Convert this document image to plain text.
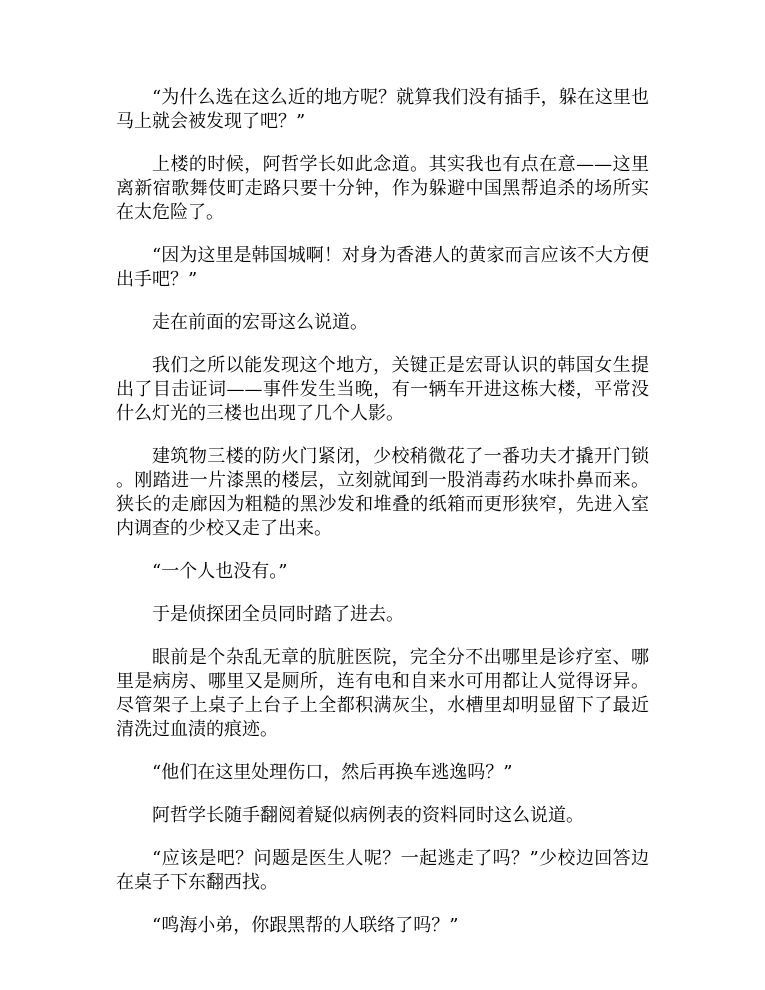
“为什么选在这么近的地方呢？就算我们没有插手，躲在这里也马上就会被发现了吧？”

上楼的时候，阿哲学长如此念道。其实我也有点在意——这里离新宿歌舞伎町走路只要十分钟，作为躲避中国黑帮追杀的场所实在太危险了。

“因为这里是韩国城啊！对身为香港人的黄家而言应该不大方便出手吧？”

走在前面的宏哥这么说道。

我们之所以能发现这个地方，关键正是宏哥认识的韩国女生提出了目击证词——事件发生当晚，有一辆车开进这栋大楼，平常没什么灯光的三楼也出现了几个人影。

建筑物三楼的防火门紧闭，少校稍微花了一番功夫才撬开门锁。刚踏进一片漆黑的楼层，立刻就闻到一股消毒药水味扑鼻而来。狭长的走廊因为粗糙的黑沙发和堆叠的纸箱而更形狭窄，先进入室内调查的少校又走了出来。

“一个人也没有。”

于是侦探团全员同时踏了进去。

眼前是个杂乱无章的肮脏医院，完全分不出哪里是诊疗室、哪里是病房、哪里又是厕所，连有电和自来水可用都让人觉得讶异。尽管架子上桌子上台子上全都积满灰尘，水槽里却明显留下了最近清洗过血渍的痕迹。

“他们在这里处理伤口，然后再换车逃逸吗？”

阿哲学长随手翻阅着疑似病例表的资料同时这么说道。

“应该是吧？问题是医生人呢？一起逃走了吗？”少校边回答边在桌子下东翻西找。

“鸣海小弟，你跟黑帮的人联络了吗？”
